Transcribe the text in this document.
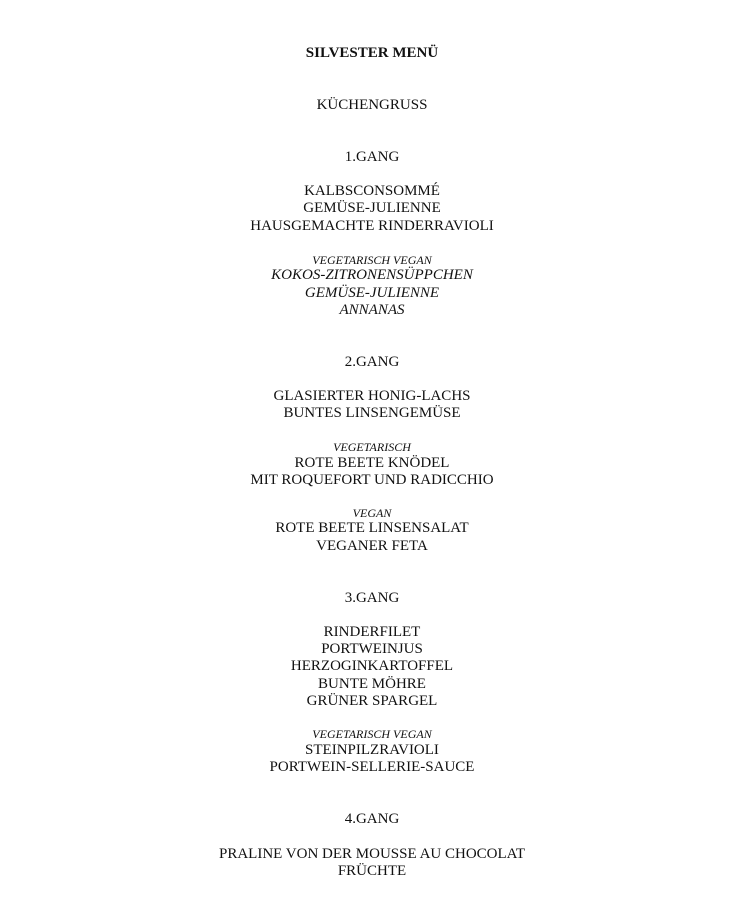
SILVESTER MENÜ
KÜCHENGRUSS
1.GANG
KALBSCONSOMMÉ
GEMÜSE-JULIENNE
HAUSGEMACHTE RINDERRAVIOLI
VEGETARISCH VEGAN
KOKOS-ZITRONENSÜPPCHEN
GEMÜSE-JULIENNE
ANNANAS
2.GANG
GLASIERTER HONIG-LACHS
BUNTES LINSENGEMÜSE
VEGETARISCH
ROTE BEETE KNÖDEL
MIT ROQUEFORT UND RADICCHIO
VEGAN
ROTE BEETE LINSENSALAT
VEGANER FETA
3.GANG
RINDERFILET
PORTWEINJUS
HERZOGINKARTOFFEL
BUNTE MÖHRE
GRÜNER SPARGEL
VEGETARISCH VEGAN
STEINPILZRAVIOLI
PORTWEIN-SELLERIE-SAUCE
4.GANG
PRALINE VON DER MOUSSE AU CHOCOLAT
FRÜCHTE
